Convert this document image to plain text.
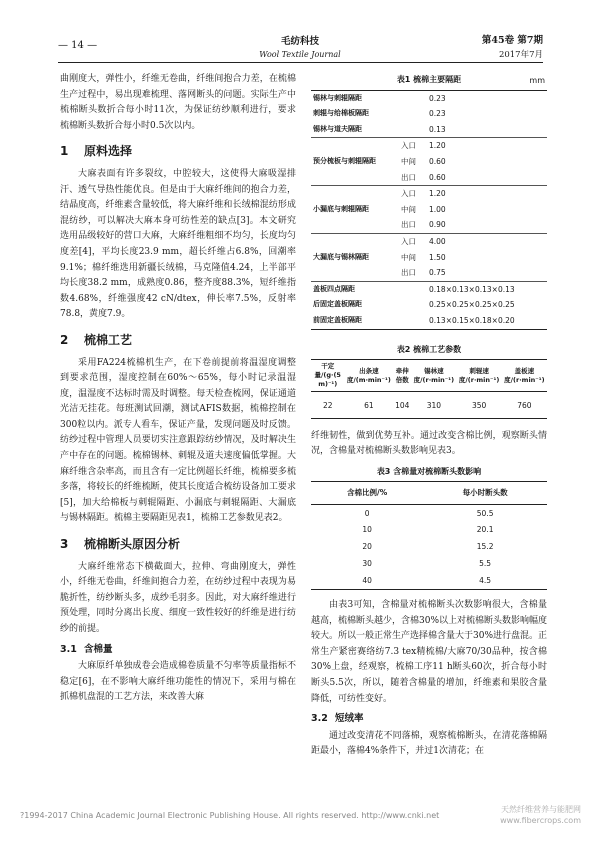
— 14 —	毛纺科技
Wool Textile Journal
第45卷 第7期
2017年7月

曲刚度大，弹性小，纤维无卷曲，纤维间抱合力差，在梳棉生产过程中，易出现难梳理、落网断头的问题。实际生产中梳棉断头数折合每小时11次，为保证纺纱顺利进行，要求梳棉断头数折合每小时0.5次以内。

1 原料选择

大麻表面有许多裂纹，中腔较大，这使得大麻吸湿排汗、透气导热性能优良。但是由于大麻纤维间的抱合力差，结晶度高，纤维素含量较低，将大麻纤维和长绒棉混纺形成混纺纱，可以解决大麻本身可纺性差的缺点[3]。本文研究选用品级较好的营口大麻，大麻纤维粗细不均匀，长度均匀度差[4]，平均长度23.9 mm，超长纤维占6.8%，回潮率9.1%；棉纤维选用新疆长绒棉，马克隆值4.24，上半部平均长度38.2 mm，成熟度0.86，整齐度88.3%，短纤维指数4.68%，纤维强度42 cN/dtex，伸长率7.5%，反射率78.8，黄度7.9。

2 梳棉工艺

采用FA224梳棉机生产，在下卷前提前将温湿度调整到要求范围，湿度控制在60%～65%，每小时记录温湿度，温湿度不达标时需及时调整。每天检查梳网，保证通道光洁无挂花。每班测试回潮，测试AFIS数据，梳棉控制在300粒以内。派专人看车，保证产量，发现问题及时反馈。纺纱过程中管理人员要切实注意跟踪纺纱情况，及时解决生产中存在的问题。梳棉锡林、刺辊及道夫速度偏低掌握。大麻纤维含杂率高，而且含有一定比例超长纤维，梳棉要多梳多落，将较长的纤维梳断，使其长度适合梳纺设备加工要求[5]，加大给棉板与刺辊隔距、小漏底与刺辊隔距、大漏底与锡林隔距。梳棉主要隔距见表1，梳棉工艺参数见表2。

3 梳棉断头原因分析

大麻纤维常态下横截面大，拉伸、弯曲刚度大，弹性小，纤维无卷曲，纤维间抱合力差，在纺纱过程中表现为易脆折性，纺纱断头多，成纱毛羽多。因此，对大麻纤维进行预处理，同时分离出长度、细度一致性较好的纤维是进行纺纱的前提。

3.1 含棉量

大麻原纤单独成卷会造成棉卷质量不匀率等质量指标不稳定[6]，在不影响大麻纤维功能性的情况下，采用与棉在抓棉机盘混的工艺方法，来改善大麻

表1 梳棉主要隔距	mm
锡林与刺辊隔距		0.23
刺辊与给棉板隔距		0.23
锡林与道夫隔距		0.13
	入口	1.20
预分梳板与刺辊隔距	中间	0.60
	出口	0.60
	入口	1.20
小漏底与刺辊隔距	中间	1.00
	出口	0.90
	入口	4.00
大漏底与锡林隔距	中间	1.50
	出口	0.75
盖板四点隔距		0.18×0.13×0.13×0.13
后固定盖板隔距		0.25×0.25×0.25×0.25
前固定盖板隔距		0.13×0.15×0.18×0.20
表2 梳棉工艺参数
干定量/(g·(5 m)⁻¹)	出条速度/(m·min⁻¹)	牵伸倍数	锡林速度/(r·min⁻¹)	刺辊速度/(r·min⁻¹)	盖板速度/(r·min⁻¹)
22	61	104	310	350	760

纤维韧性，做到优势互补。通过改变含棉比例，观察断头情况，含棉量对梳棉断头数影响见表3。

表3 含棉量对梳棉断头数影响
含棉比例/%	每小时断头数
0	50.5
10	20.1
20	15.2
30	5.5
40	4.5

由表3可知，含棉量对梳棉断头次数影响很大，含棉量越高，梳棉断头越少，含棉30%以上对梳棉断头数影响幅度较大。所以一般正常生产选择棉含量大于30%进行盘混。正常生产紧密赛络纺7.3 tex精梳棉/大麻70/30品种，按含棉30%上盘，经观察，梳棉工序11 h断头60次，折合每小时断头5.5次，所以，随着含棉量的增加，纤维素和果胶含量降低，可纺性变好。

3.2 短绒率

通过改变清花不同落棉，观察梳棉断头，在清花落棉隔距最小，落棉4%条件下，并过1次清花；在

?1994-2017 China Academic Journal Electronic Publishing House. All rights reserved. http://www.cnki.net
天然纤维营养与能肥网
www.fibercrops.com
